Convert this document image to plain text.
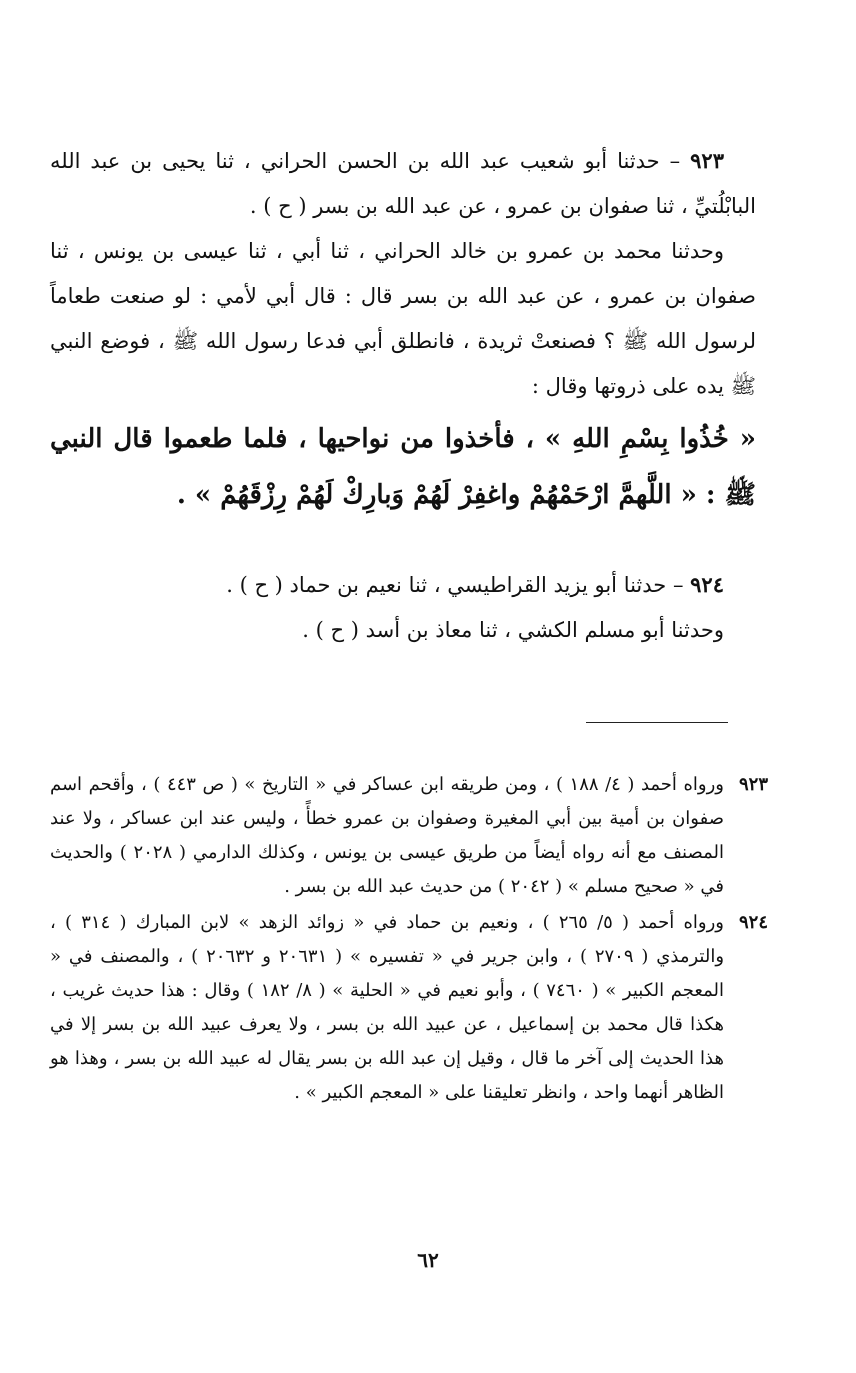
٩٢٣ – حدثنا أبو شعيب عبد الله بن الحسن الحراني ، ثنا يحيى بن عبد الله البابْلُتيِّ ، ثنا صفوان بن عمرو ، عن عبد الله بن بسر ( ح ) .

وحدثنا محمد بن عمرو بن خالد الحراني ، ثنا أبي ، ثنا عيسى بن يونس ، ثنا صفوان بن عمرو ، عن عبد الله بن بسر قال : قال أبي لأمي : لو صنعت طعاماً لرسول الله ﷺ ؟ فصنعتْ ثريدة ، فانطلق أبي فدعا رسول الله ﷺ ، فوضع النبي ﷺ يده على ذروتها وقال :

« خُذُوا بِسْمِ اللهِ » ، فأخذوا من نواحيها ، فلما طعموا قال النبي ﷺ : « اللَّهمَّ ارْحَمْهُمْ واغفِرْ لَهُمْ وَبارِكْ لَهُمْ رِزْقَهُمْ » .

٩٢٤ – حدثنا أبو يزيد القراطيسي ، ثنا نعيم بن حماد ( ح ) .

وحدثنا أبو مسلم الكشي ، ثنا معاذ بن أسد ( ح ) .

٩٢٣
ورواه أحمد ( ٤/ ١٨٨ ) ، ومن طريقه ابن عساكر في « التاريخ » ( ص ٤٤٣ ) ، وأقحم اسم صفوان بن أمية بين أبي المغيرة وصفوان بن عمرو خطأً ، وليس عند ابن عساكر ، ولا عند المصنف مع أنه رواه أيضاً من طريق عيسى بن يونس ، وكذلك الدارمي ( ٢٠٢٨ ) والحديث في « صحيح مسلم » ( ٢٠٤٢ ) من حديث عبد الله بن بسر .
٩٢٤
ورواه أحمد ( ٥/ ٢٦٥ ) ، ونعيم بن حماد في « زوائد الزهد » لابن المبارك ( ٣١٤ ) ، والترمذي ( ٢٧٠٩ ) ، وابن جرير في « تفسيره » ( ٢٠٦٣١ و ٢٠٦٣٢ ) ، والمصنف في « المعجم الكبير » ( ٧٤٦٠ ) ، وأبو نعيم في « الحلية » ( ٨/ ١٨٢ ) وقال : هذا حديث غريب ، هكذا قال محمد بن إسماعيل ، عن عبيد الله بن بسر ، ولا يعرف عبيد الله بن بسر إلا في هذا الحديث إلى آخر ما قال ، وقيل إن عبد الله بن بسر يقال له عبيد الله بن بسر ، وهذا هو الظاهر أنهما واحد ، وانظر تعليقنا على « المعجم الكبير » .
٦٢
